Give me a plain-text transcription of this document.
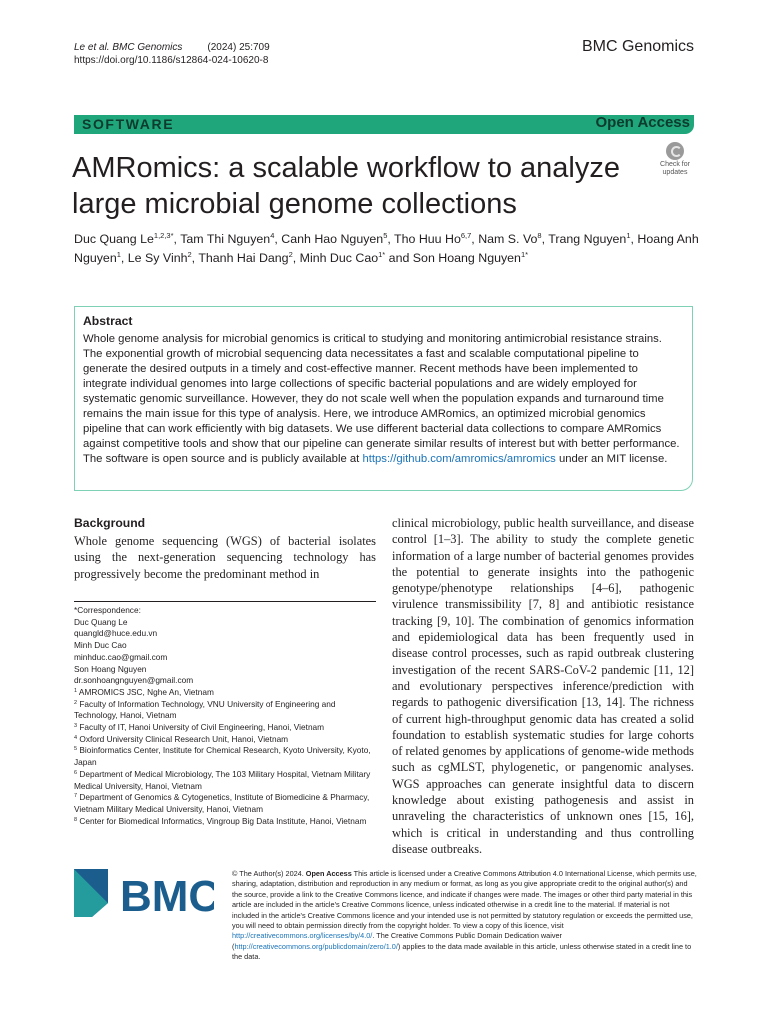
Le et al. BMC Genomics	(2024) 25:709
https://doi.org/10.1186/s12864-024-10620-8
BMC Genomics
SOFTWARE	Open Access
AMRomics: a scalable workflow to analyze large microbial genome collections
Check for
updates
Duc Quang $Le^{1,2,3*}$, Tam Thi Nguyen$^4$, Canh Hao Nguyen$^5$, Tho Huu Ho$^{6,7}$, Nam S. Vo$^8$, Trang Nguyen$^1$, Hoang Anh Nguyen$^1$, Le Sy Vinh$^2$, Thanh Hai Dang$^2$, Minh Duc Cao$^{1*}$ and Son Hoang Nguyen$^{1*}$
Abstract

Whole genome analysis for microbial genomics is critical to studying and monitoring antimicrobial resistance strains. The exponential growth of microbial sequencing data necessitates a fast and scalable computational pipeline to generate the desired outputs in a timely and cost-effective manner. Recent methods have been implemented to integrate individual genomes into large collections of specific bacterial populations and are widely employed for systematic genomic surveillance. However, they do not scale well when the population expands and turnaround time remains the main issue for this type of analysis. Here, we introduce AMRomics, an optimized microbial genomics pipeline that can work efficiently with big datasets. We use different bacterial data collections to compare AMRomics against competitive tools and show that our pipeline can generate similar results of interest but with better performance. The software is open source and is publicly available at https://github.com/amromics/amromics under an MIT license.

Background

Whole genome sequencing (WGS) of bacterial isolates using the next-generation sequencing technology has progressively become the predominant method in

*Correspondence:
Duc Quang Le
quangld@huce.edu.vn
Minh Duc Cao
minhduc.cao@gmail.com
Son Hoang Nguyen
dr.sonhoangnguyen@gmail.com
$^1$ AMROMICS JSC, Nghe An, Vietnam
$^2$ Faculty of Information Technology, VNU University of Engineering and Technology, Hanoi, Vietnam
$^3$ Faculty of IT, Hanoi University of Civil Engineering, Hanoi, Vietnam
$^4$ Oxford University Clinical Research Unit, Hanoi, Vietnam
$^5$ Bioinformatics Center, Institute for Chemical Research, Kyoto University, Kyoto, Japan
$^6$ Department of Medical Microbiology, The 103 Military Hospital, Vietnam Military Medical University, Hanoi, Vietnam
$^7$ Department of Genomics & Cytogenetics, Institute of Biomedicine & Pharmacy, Vietnam Military Medical University, Hanoi, Vietnam
$^8$ Center for Biomedical Informatics, Vingroup Big Data Institute, Hanoi, Vietnam

clinical microbiology, public health surveillance, and disease control [1–3]. The ability to study the complete genetic information of a large number of bacterial genomes provides the potential to generate insights into the pathogenic genotype/phenotype relationships [4–6], pathogenic virulence transmissibility [7, 8] and antibiotic resistance tracking [9, 10]. The combination of genomics information and epidemiological data has been frequently used in disease control processes, such as rapid outbreak clustering investigation of the recent SARS-CoV-2 pandemic [11, 12] and evolutionary perspectives inference/prediction with regards to pathogenic diversification [13, 14]. The richness of current high-throughput genomic data has created a solid foundation to establish systematic studies for large cohorts of related genomes by applications of genome-wide methods such as cgMLST, phylogenetic, or pangenomic analyses. WGS approaches can generate insightful data to discern knowledge about existing pathogenesis and assist in unraveling the characteristics of unknown ones [15, 16], which is critical in understanding and thus controlling disease outbreaks.

BMC © The Author(s) 2024. Open Access This article is licensed under a Creative Commons Attribution 4.0 International License, which permits use, sharing, adaptation, distribution and reproduction in any medium or format, as long as you give appropriate credit to the original author(s) and the source, provide a link to the Creative Commons licence, and indicate if changes were made. The images or other third party material in this article are included in the article's Creative Commons licence, unless indicated otherwise in a credit line to the material. If material is not included in the article's Creative Commons licence and your intended use is not permitted by statutory regulation or exceeds the permitted use, you will need to obtain permission directly from the copyright holder. To view a copy of this licence, visit http://creativecommons.org/licenses/by/4.0/. The Creative Commons Public Domain Dedication waiver (http://creativecommons.org/publicdomain/zero/1.0/) applies to the data made available in this article, unless otherwise stated in a credit line to the data.
